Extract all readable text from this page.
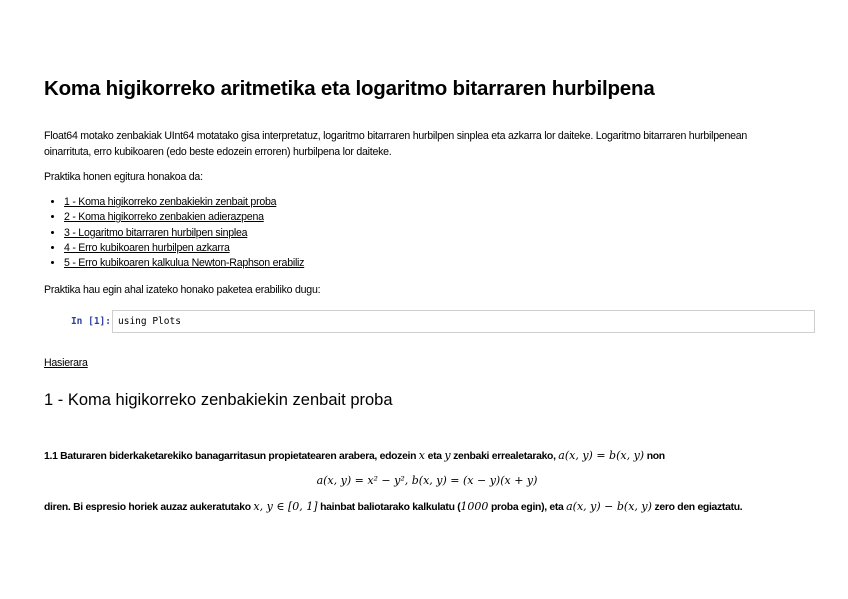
Koma higikorreko aritmetika eta logaritmo bitarraren hurbilpena

Float64 motako zenbakiak UInt64 motatako gisa interpretatuz, logaritmo bitarraren hurbilpen sinplea eta azkarra lor daiteke. Logaritmo bitarraren hurbilpenean
oinarrituta, erro kubikoaren (edo beste edozein erroren) hurbilpena lor daiteke.

Praktika honen egitura honakoa da:

• 1 - Koma higikorreko zenbakiekin zenbait proba
• 2 - Koma higikorreko zenbakien adierazpena
• 3 - Logaritmo bitarraren hurbilpen sinplea
• 4 - Erro kubikoaren hurbilpen azkarra
• 5 - Erro kubikoaren kalkulua Newton-Raphson erabiliz

Praktika hau egin ahal izateko honako paketea erabiliko dugu:

In [1]: using Plots
Hasierara
1 - Koma higikorreko zenbakiekin zenbait proba

1.1 Baturaren biderkaketarekiko banagarritasun propietatearen arabera, edozein x eta y zenbaki errealetarako, a(x, y) = b(x, y) non

a(x, y) = x² − y², b(x, y) = (x − y)(x + y)

diren. Bi espresio horiek auzaz aukeratutako x, y ∈ [0, 1] hainbat baliotarako kalkulatu (1000 proba egin), eta a(x, y) − b(x, y) zero den egiaztatu.
